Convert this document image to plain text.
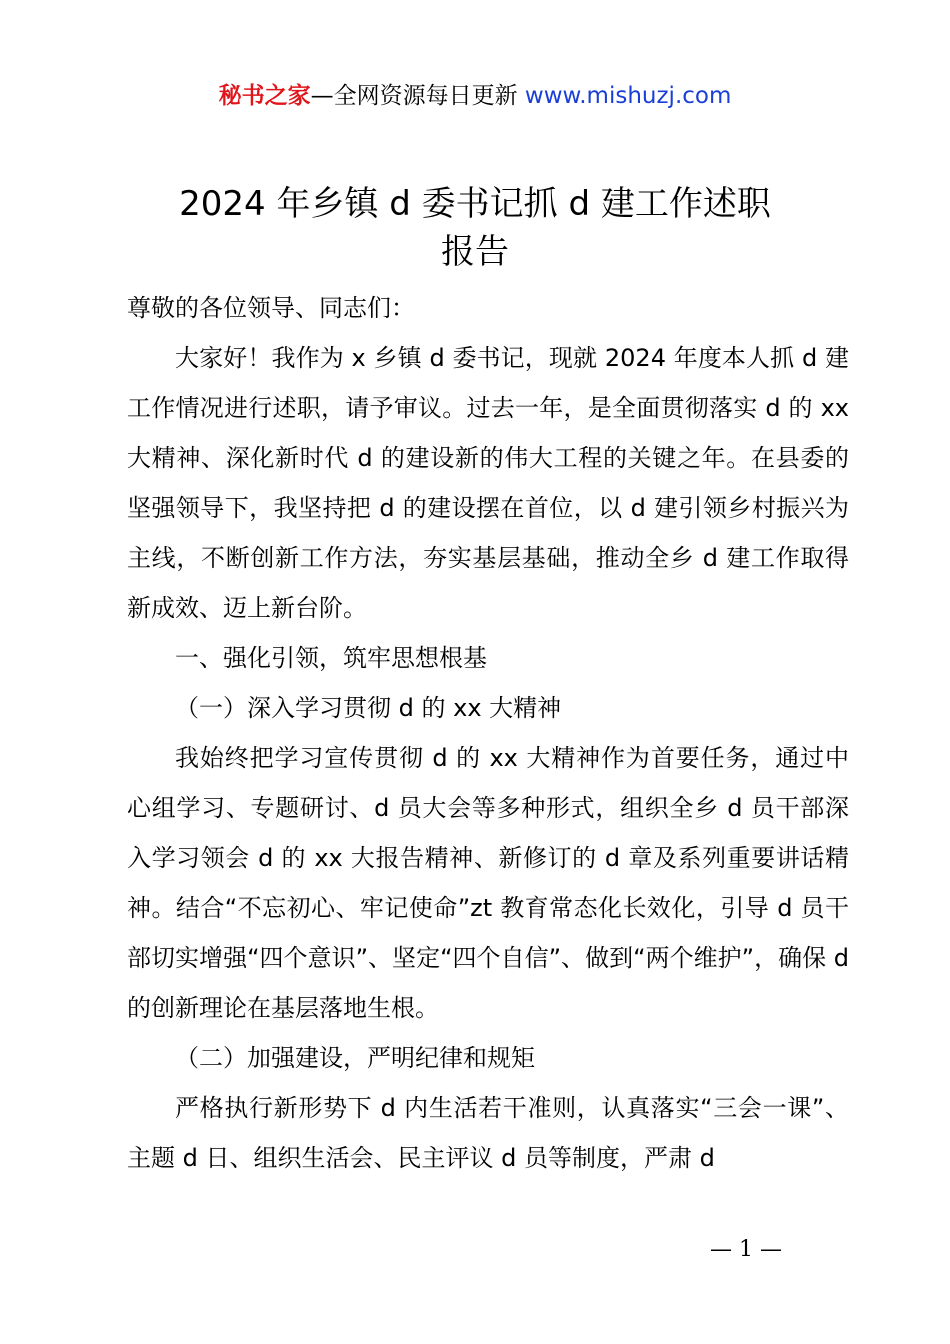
秘书之家—全网资源每日更新 www.mishuzj.com
2024 年乡镇 d 委书记抓 d 建工作述职
报告

尊敬的各位领导、同志们：

大家好！我作为 x 乡镇 d 委书记，现就 2024 年度本人抓 d 建工作情况进行述职，请予审议。过去一年，是全面贯彻落实 d 的 xx 大精神、深化新时代 d 的建设新的伟大工程的关键之年。在县委的坚强领导下，我坚持把 d 的建设摆在首位，以 d 建引领乡村振兴为主线，不断创新工作方法，夯实基层基础，推动全乡 d 建工作取得新成效、迈上新台阶。

一、强化引领，筑牢思想根基

（一）深入学习贯彻 d 的 xx 大精神

我始终把学习宣传贯彻 d 的 xx 大精神作为首要任务，通过中心组学习、专题研讨、d 员大会等多种形式，组织全乡 d 员干部深入学习领会 d 的 xx 大报告精神、新修订的 d 章及系列重要讲话精神。结合“不忘初心、牢记使命”zt 教育常态化长效化，引导 d 员干部切实增强“四个意识”、坚定“四个自信”、做到“两个维护”，确保 d 的创新理论在基层落地生根。

（二）加强建设，严明纪律和规矩

严格执行新形势下 d 内生活若干准则，认真落实“三会一课”、主题 d 日、组织生活会、民主评议 d 员等制度，严肃 d

— 1 —
